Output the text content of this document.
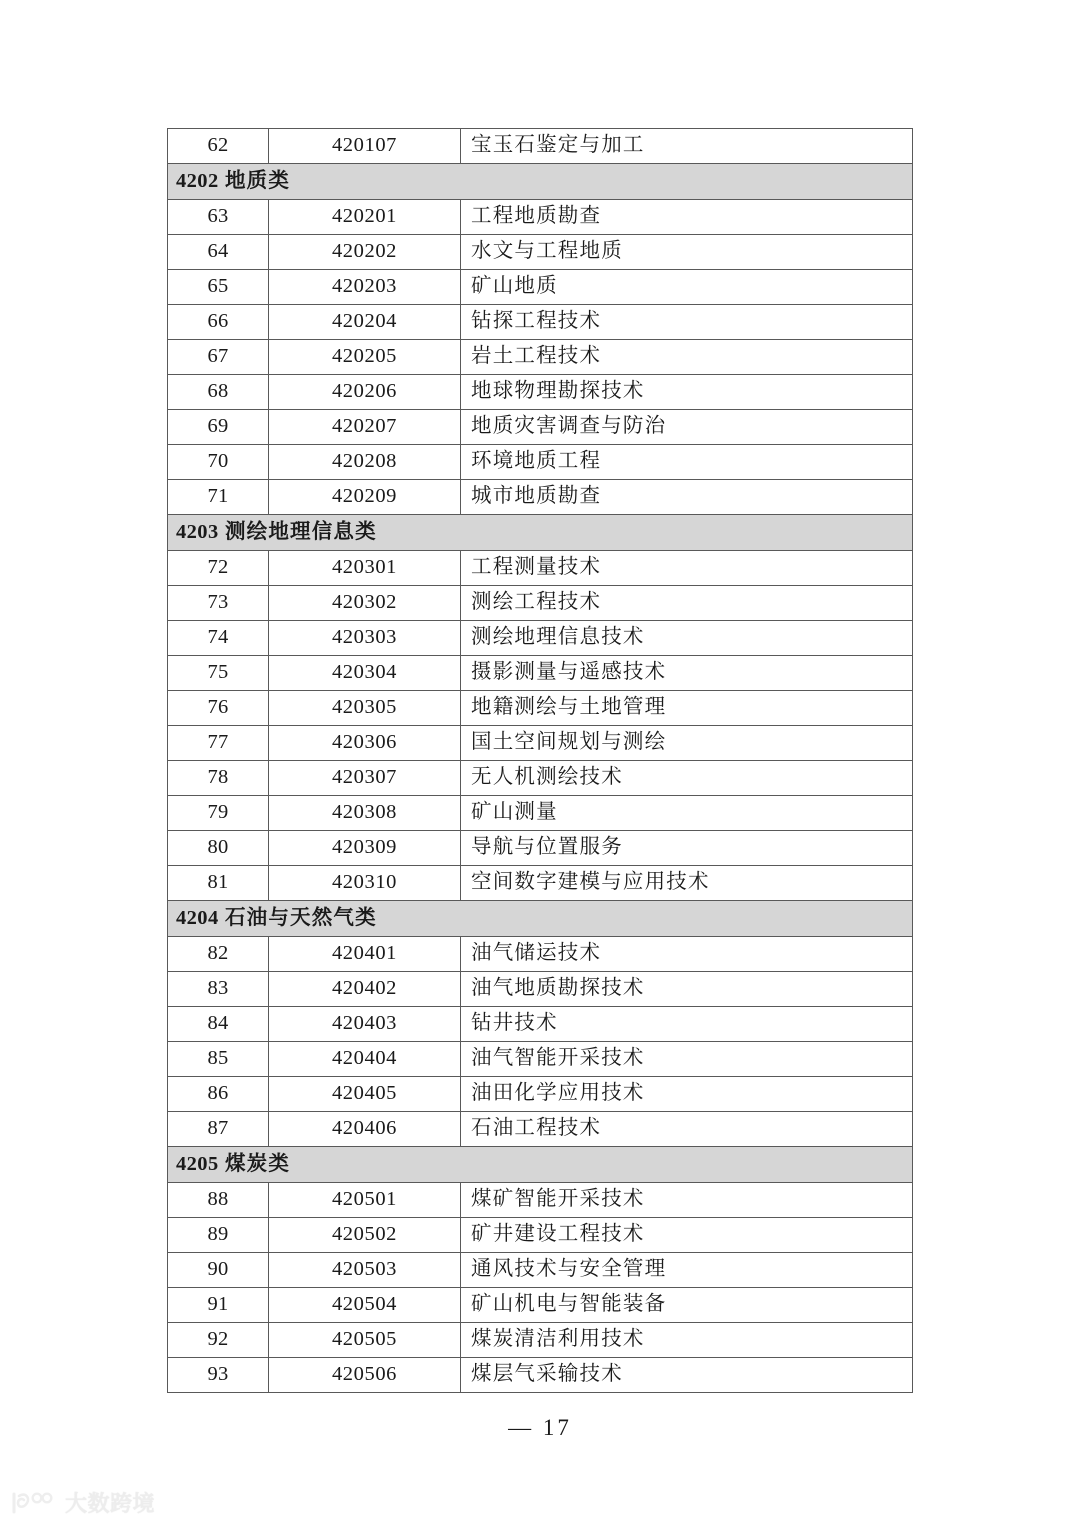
62	420107	宝玉石鉴定与加工
4202 地质类		
63	420201	工程地质勘查
64	420202	水文与工程地质
65	420203	矿山地质
66	420204	钻探工程技术
67	420205	岩土工程技术
68	420206	地球物理勘探技术
69	420207	地质灾害调查与防治
70	420208	环境地质工程
71	420209	城市地质勘查
4203 测绘地理信息类		
72	420301	工程测量技术
73	420302	测绘工程技术
74	420303	测绘地理信息技术
75	420304	摄影测量与遥感技术
76	420305	地籍测绘与土地管理
77	420306	国土空间规划与测绘
78	420307	无人机测绘技术
79	420308	矿山测量
80	420309	导航与位置服务
81	420310	空间数字建模与应用技术
4204 石油与天然气类		
82	420401	油气储运技术
83	420402	油气地质勘探技术
84	420403	钻井技术
85	420404	油气智能开采技术
86	420405	油田化学应用技术
87	420406	石油工程技术
4205 煤炭类		
88	420501	煤矿智能开采技术
89	420502	矿井建设工程技术
90	420503	通风技术与安全管理
91	420504	矿山机电与智能装备
92	420505	煤炭清洁利用技术
93	420506	煤层气采输技术
— 17
大数跨境
